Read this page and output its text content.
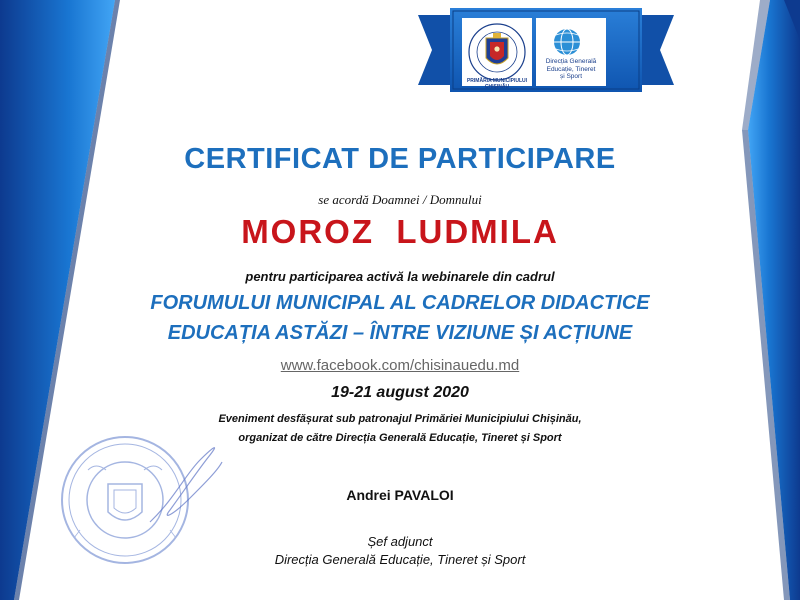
PRIMĂRIA MUNICIPIULUI CHIȘINĂU
Direcția Generală
Educație, Tineret
și Sport
CERTIFICAT DE PARTICIPARE
se acordă Doamnei / Domnului
MOROZ  LUDMILA
pentru participarea activă la webinarele din cadrul
FORUMULUI MUNICIPAL AL CADRELOR DIDACTICE
EDUCAȚIA ASTĂZI – ÎNTRE VIZIUNE ȘI ACȚIUNE
www.facebook.com/chisinauedu.md
19-21 august 2020
Eveniment desfășurat sub patronajul Primăriei Municipiului Chișinău,
organizat de către Direcția Generală Educație, Tineret și Sport
Andrei PAVALOI
Șef adjunct
Direcția Generală Educație, Tineret și Sport
